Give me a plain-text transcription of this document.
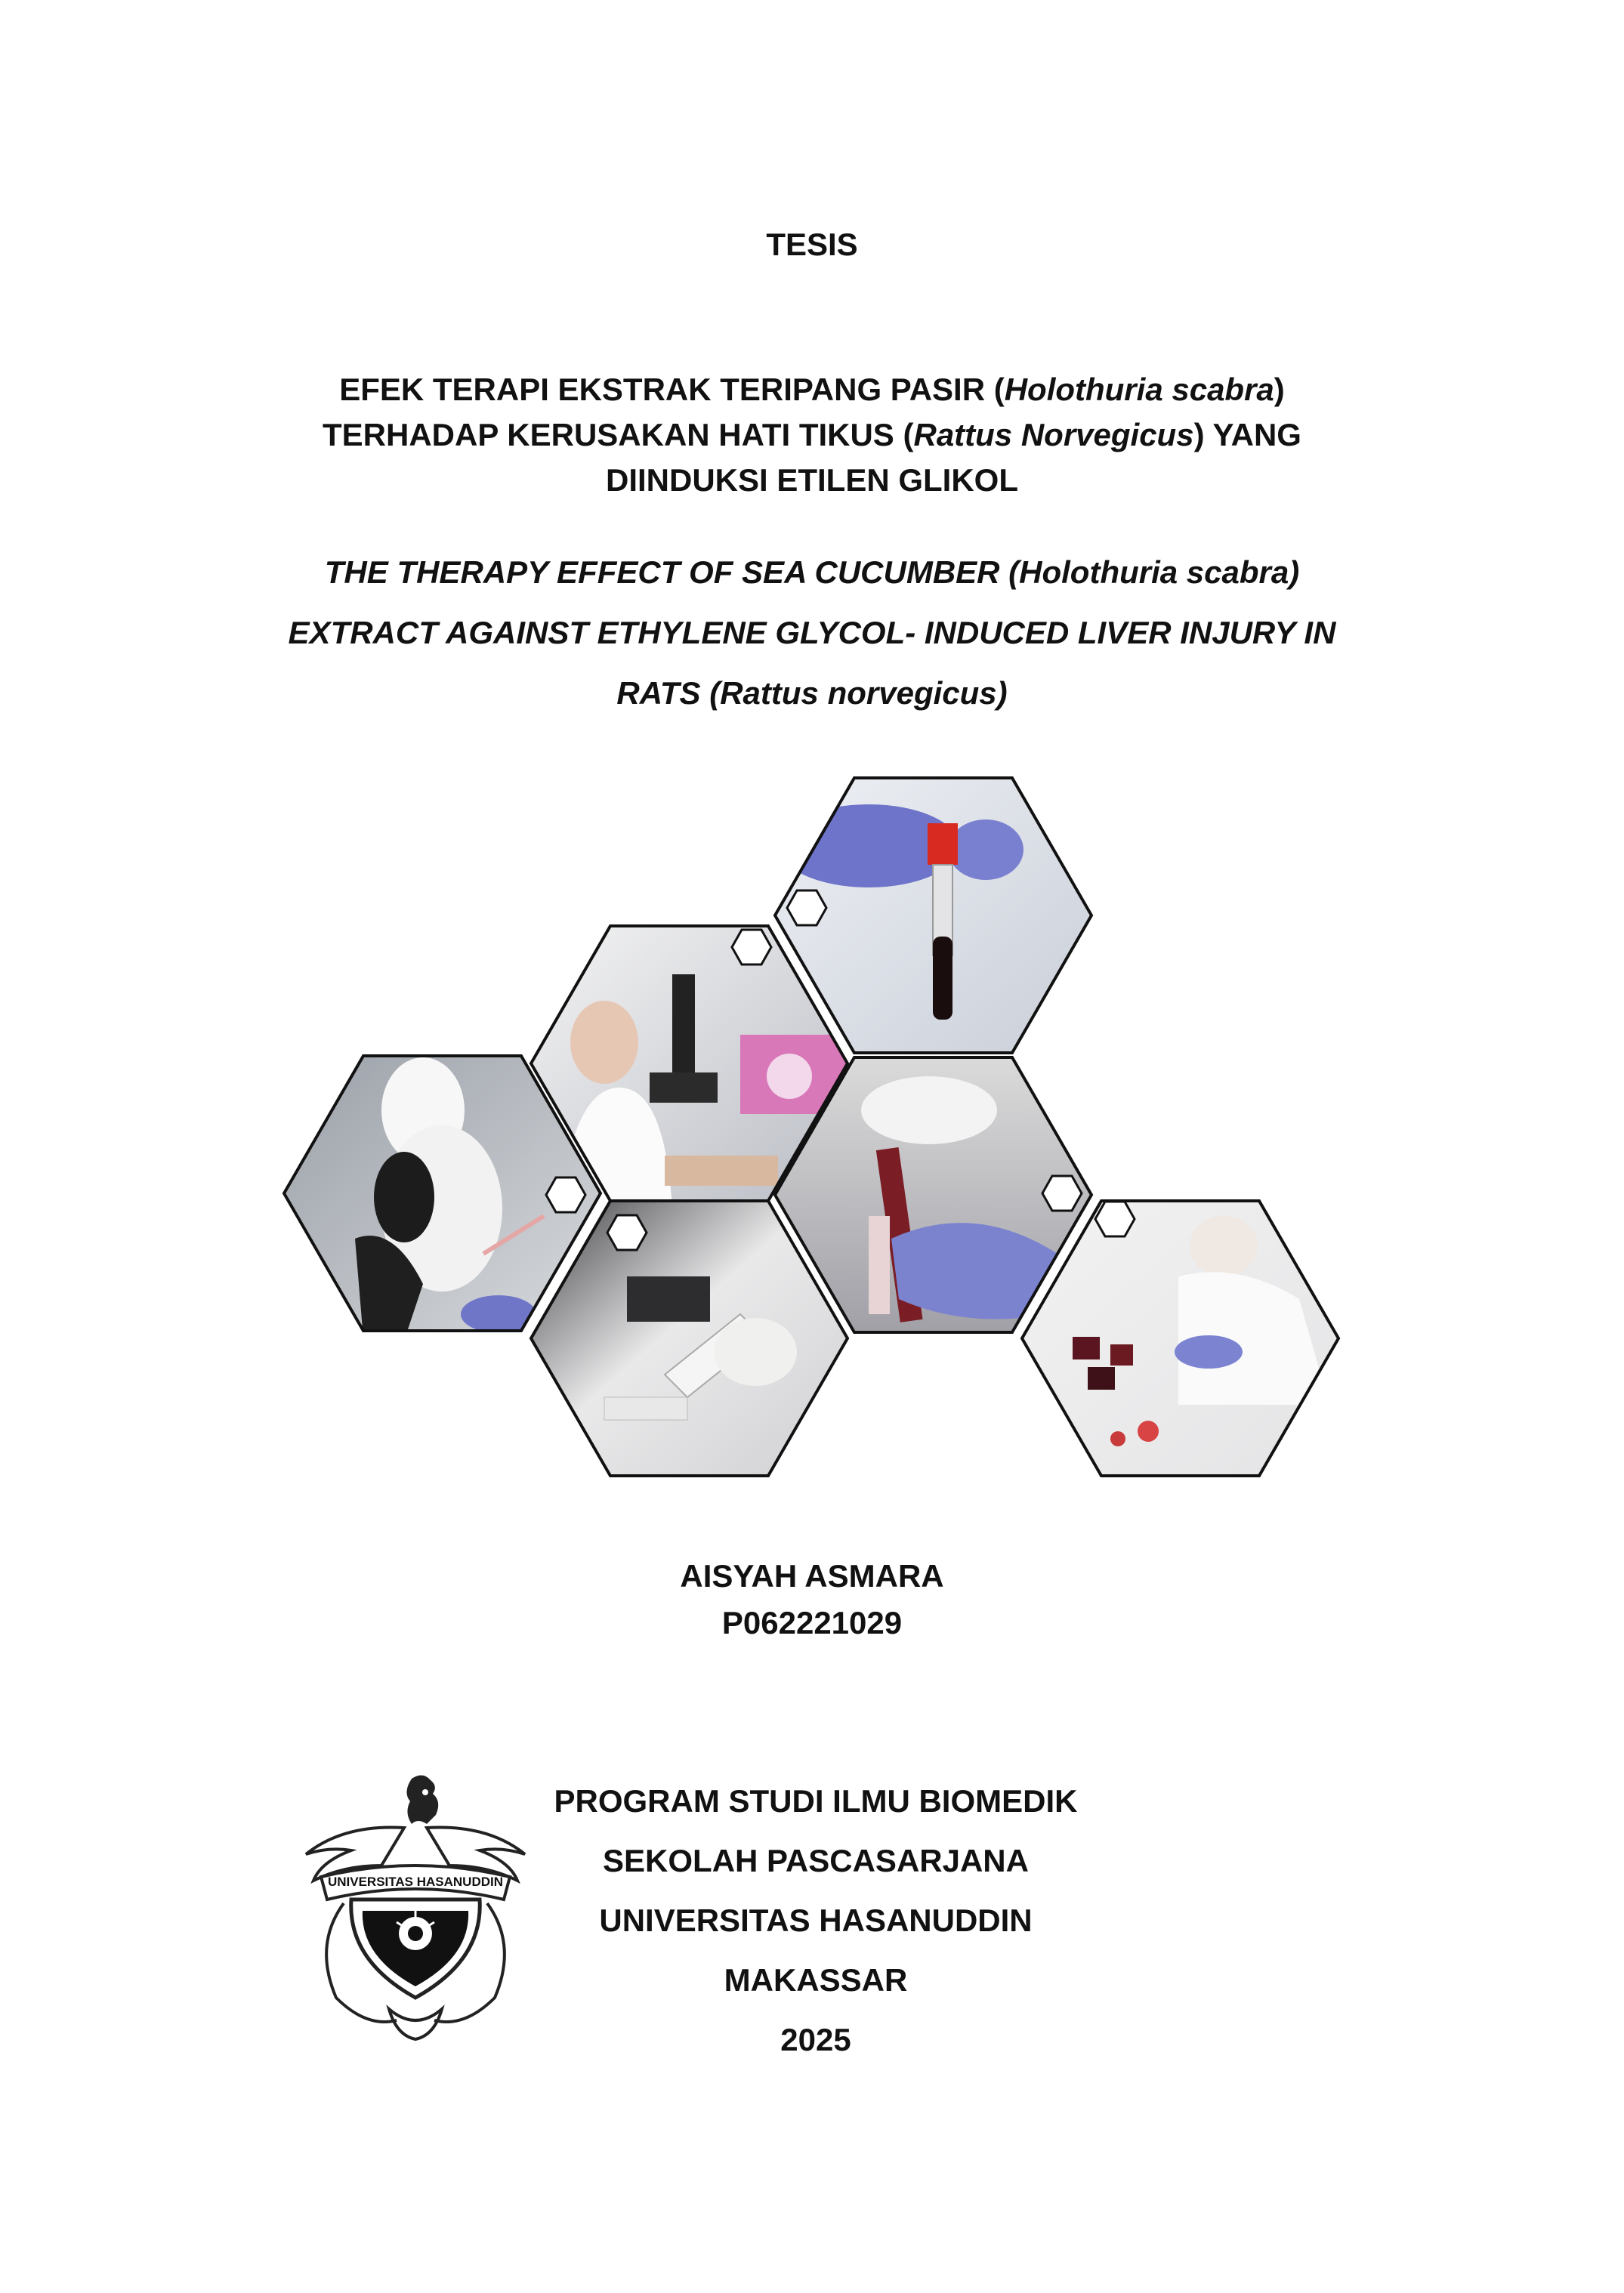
TESIS
EFEK TERAPI EKSTRAK TERIPANG PASIR (Holothuria scabra)
TERHADAP KERUSAKAN HATI TIKUS (Rattus Norvegicus) YANG
DIINDUKSI ETILEN GLIKOL
THE THERAPY EFFECT OF SEA CUCUMBER (Holothuria scabra)
EXTRACT AGAINST ETHYLENE GLYCOL- INDUCED LIVER INJURY IN
RATS (Rattus norvegicus)
AISYAH ASMARA
P062221029
UNIVERSITAS HASANUDDIN
PROGRAM STUDI ILMU BIOMEDIK
SEKOLAH PASCASARJANA
UNIVERSITAS HASANUDDIN
MAKASSAR
2025
